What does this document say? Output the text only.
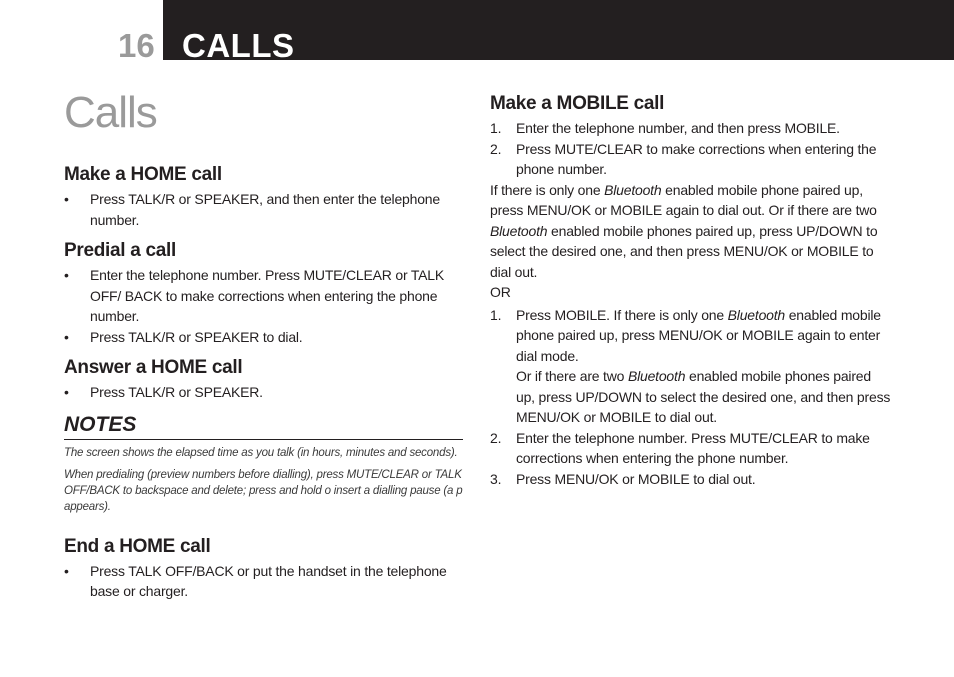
16 CALLS
Calls
Make a HOME call
• Press TALK/R or SPEAKER, and then enter the telephone number.
Predial a call
• Enter the telephone number. Press MUTE/CLEAR or TALK OFF/ BACK to make corrections when entering the phone number.
• Press TALK/R or SPEAKER to dial.
Answer a HOME call
• Press TALK/R or SPEAKER.
NOTES

The screen shows the elapsed time as you talk (in hours, minutes and seconds).

When predialing (preview numbers before dialling), press MUTE/CLEAR or TALK OFF/BACK to backspace and delete; press and hold o insert a dialling pause (a p appears).

End a HOME call
• Press TALK OFF/BACK or put the handset in the telephone base or charger.
Make a MOBILE call
1. Enter the telephone number, and then press MOBILE.
2. Press MUTE/CLEAR to make corrections when entering the phone number.

If there is only one Bluetooth enabled mobile phone paired up, press MENU/OK or MOBILE again to dial out. Or if there are two Bluetooth enabled mobile phones paired up, press UP/DOWN to select the desired one, and then press MENU/OK or MOBILE to dial out.

OR

1. Press MOBILE. If there is only one Bluetooth enabled mobile phone paired up, press MENU/OK or MOBILE again to enter dial mode.
Or if there are two Bluetooth enabled mobile phones paired up, press UP/DOWN to select the desired one, and then press MENU/OK or MOBILE to dial out.
2. Enter the telephone number. Press MUTE/CLEAR to make corrections when entering the phone number.
3. Press MENU/OK or MOBILE to dial out.
